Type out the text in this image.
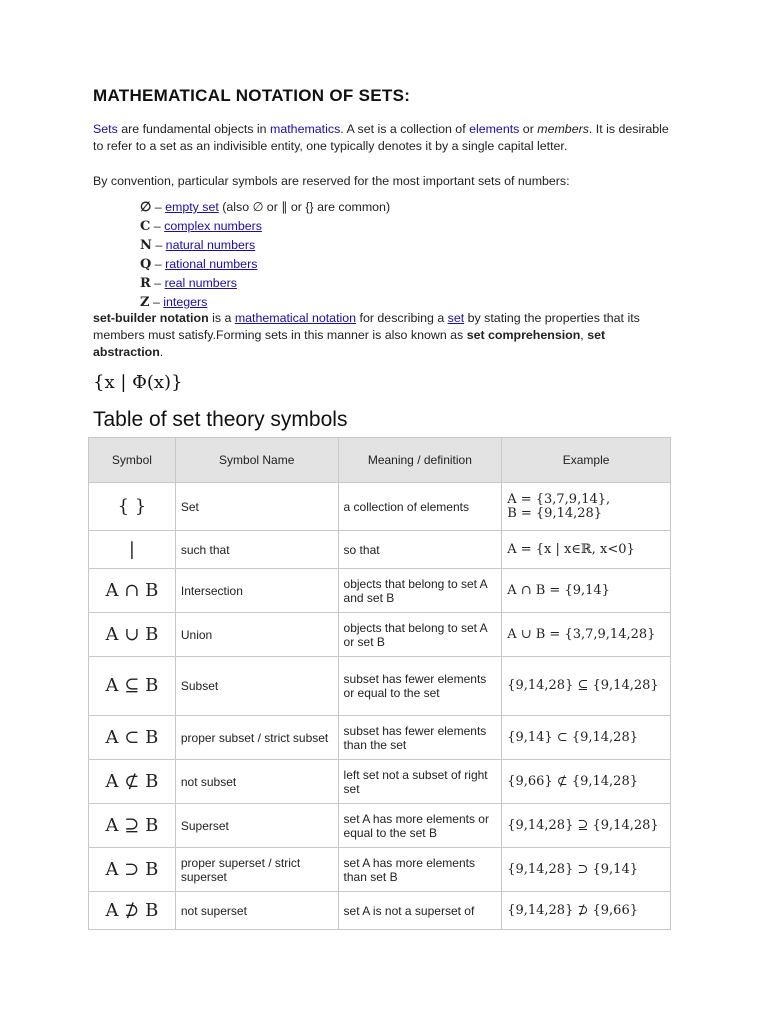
MATHEMATICAL NOTATION OF SETS:

Sets are fundamental objects in mathematics. A set is a collection of elements or members. It is desirable to refer to a set as an indivisible entity, one typically denotes it by a single capital letter.

By convention, particular symbols are reserved for the most important sets of numbers:

∅ – empty set (also ∅ or ∥ or {} are common)
C – complex numbers
N – natural numbers
Q – rational numbers
R – real numbers
Z – integers

set-builder notation is a mathematical notation for describing a set by stating the properties that its members must satisfy.Forming sets in this manner is also known as set comprehension, set abstraction.

{x | Φ(x)}
Table of set theory symbols
Symbol	Symbol Name	Meaning / definition	Example
{ }	Set	a collection of elements	A = {3,7,9,14},
B = {9,14,28}
|	such that	so that	A = {x | x∈ℝ, x<0}
A ∩ B	Intersection	objects that belong to set A and set B	A ∩ B = {9,14}
A ∪ B	Union	objects that belong to set A or set B	A ∪ B = {3,7,9,14,28}
A ⊆ B	Subset	subset has fewer elements or equal to the set	{9,14,28} ⊆ {9,14,28}
A ⊂ B	proper subset / strict subset	subset has fewer elements than the set	{9,14} ⊂ {9,14,28}
A ⊄ B	not subset	left set not a subset of right set	{9,66} ⊄ {9,14,28}
A ⊇ B	Superset	set A has more elements or equal to the set B	{9,14,28} ⊇ {9,14,28}
A ⊃ B	proper superset / strict superset	set A has more elements than set B	{9,14,28} ⊃ {9,14}
A ⊅ B	not superset	set A is not a superset of	{9,14,28} ⊅ {9,66}
